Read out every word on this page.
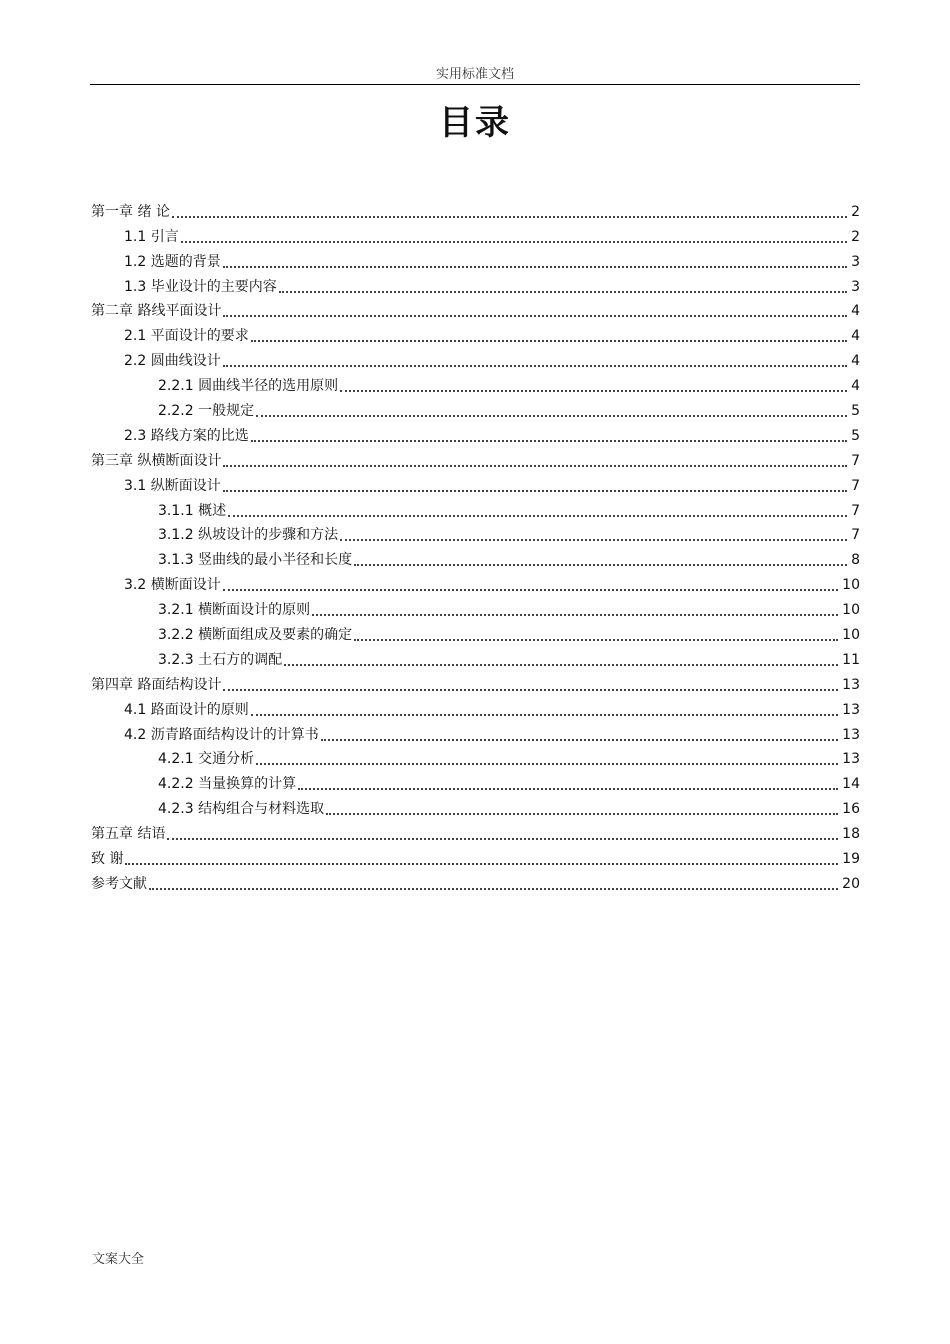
实用标准文档
目录
第一章 绪 论	2
1.1 引言	2
1.2 选题的背景	3
1.3 毕业设计的主要内容	3
第二章 路线平面设计	4
2.1 平面设计的要求	4
2.2 圆曲线设计	4
2.2.1 圆曲线半径的选用原则	4
2.2.2 一般规定	5
2.3 路线方案的比选	5
第三章 纵横断面设计	7
3.1 纵断面设计	7
3.1.1 概述	7
3.1.2 纵坡设计的步骤和方法	7
3.1.3 竖曲线的最小半径和长度	8
3.2 横断面设计	10
3.2.1 横断面设计的原则	10
3.2.2 横断面组成及要素的确定	10
3.2.3 土石方的调配	11
第四章 路面结构设计	13
4.1 路面设计的原则	13
4.2 沥青路面结构设计的计算书	13
4.2.1 交通分析	13
4.2.2 当量换算的计算	14
4.2.3 结构组合与材料选取	16
第五章 结语	18
致 谢	19
参考文献	20
文案大全
